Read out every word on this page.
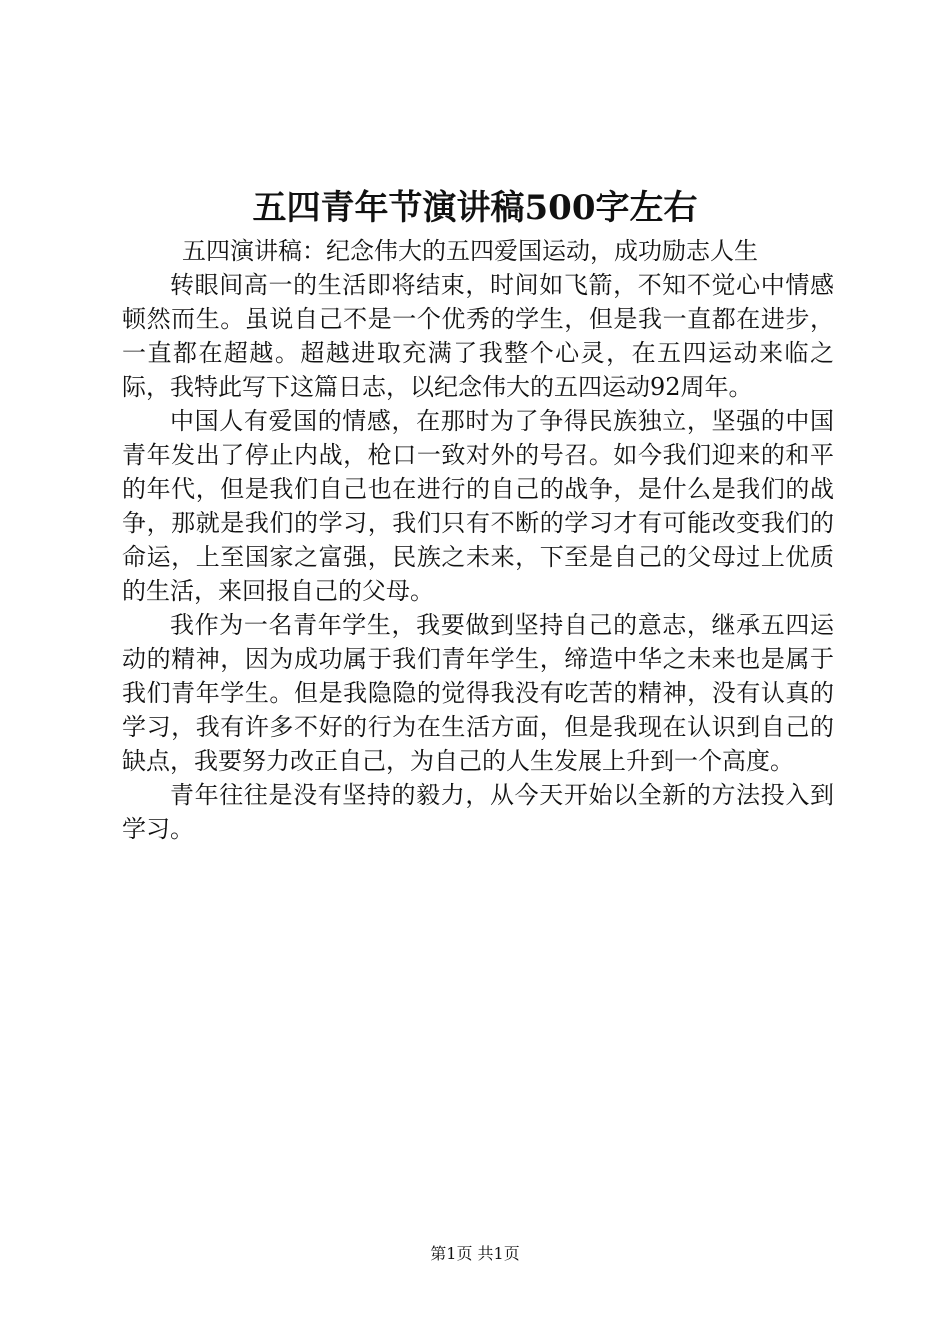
五四青年节演讲稿500字左右

五四演讲稿：纪念伟大的五四爱国运动，成功励志人生

转眼间高一的生活即将结束，时间如飞箭，不知不觉心中情感顿然而生。虽说自己不是一个优秀的学生，但是我一直都在进步，一直都在超越。超越进取充满了我整个心灵，在五四运动来临之际，我特此写下这篇日志，以纪念伟大的五四运动92周年。

中国人有爱国的情感，在那时为了争得民族独立，坚强的中国青年发出了停止内战，枪口一致对外的号召。如今我们迎来的和平的年代，但是我们自己也在进行的自己的战争，是什么是我们的战争，那就是我们的学习，我们只有不断的学习才有可能改变我们的命运，上至国家之富强，民族之未来，下至是自己的父母过上优质的生活，来回报自己的父母。

我作为一名青年学生，我要做到坚持自己的意志，继承五四运动的精神，因为成功属于我们青年学生，缔造中华之未来也是属于我们青年学生。但是我隐隐的觉得我没有吃苦的精神，没有认真的学习，我有许多不好的行为在生活方面，但是我现在认识到自己的缺点，我要努力改正自己，为自己的人生发展上升到一个高度。

青年往往是没有坚持的毅力，从今天开始以全新的方法投入到学习。

第1页 共1页
